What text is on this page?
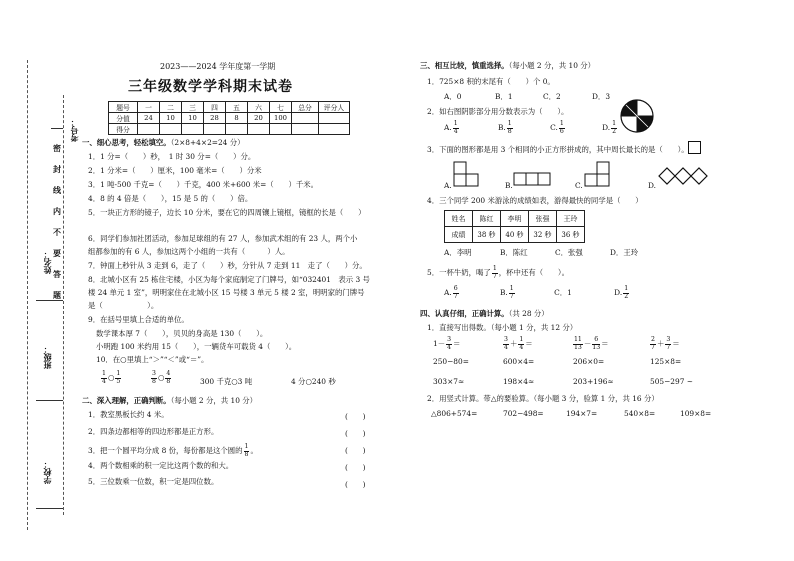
考号：
姓名：
班级：
学校：
密
封
线
内
不
要
答
题
2023——2024 学年度第一学期
三年级数学学科期末试卷
题号	一	二	三	四	五	六	七	总分	评分人
分值	24	10	10	28	8	20	100		
得分									
一、细心思考，轻松填空。（2×8+4×2=24 分）
1．1 分=（　　）秒，　1 时 30 分=（　　）分。
2．1 分米=（　　）厘米，100 毫米=（　　）分米
3．1 吨-500 千克=（　　）千克，400 米+600 米=（　　）千米。
4．8 的 4 倍是（　　），15 是 5 的（　　）倍。
5．一块正方形的镜子，边长 10 分米，要在它的四周镶上镜框，镜框的长是（　　）
6．同学们参加社团活动，参加足球组的有 27 人，参加武术组的有 23 人，两个小
组都参加的有 6 人，参加这两个小组的一共有（　　　）人。
7．钟面上秒针从 3 走到 6，走了（　　）秒，分针从 7 走到 11　走了（　　）分。
8．北城小区有 25 栋住宅楼，小区为每个家庭制定了门牌号，如“032401　表示 3 号
楼 24 单元 1 室”，明明家住在北城小区 15 号楼 3 单元 5 楼 2 室，明明家的门牌号
是（　　　　　　）。
9．在括号里填上合适的单位。
数学课本厚 7（　　），贝贝的身高是 130（　　）。
小明跑 100 米约用 15（　　），一辆货车可载货 4（　　）。
10．在○里填上“＞”“＜”或“＝”。
$\frac{1}{4}$ ○ $\frac{1}{5}$	$\frac{3}{8}$ ○ $\frac{4}{8}$	300 千克○3 吨	4 分○240 秒
二、深入理解，正确判断。（每小题 2 分，共 10 分）
1．教室黑板长约 4 米。
2．四条边都相等的四边形都是正方形。
3．把一个圆平均分成 8 份，每份都是这个圆的 $\frac{1}{8}$ 。
4．两个数相乘的积一定比这两个数的和大。
5．三位数乘一位数，积一定是四位数。
(　　)
(　　)
(　　)
(　　)
(　　)
三、相互比较，慎重选择。（每小题 2 分，共 10 分）
1．725×8 积的末尾有（　　）个 0。
A．0	B．1	C．2	D．3
2．如右图阴影部分用分数表示为（　　）。
A. $\frac{1}{4}$	B. $\frac{1}{8}$	C. $\frac{1}{6}$	D. $\frac{1}{2}$
3．下面的图形都是用 3 个相同的小正方形拼成的，其中周长最长的是（　　）。
A.	B.	C.	D.
4．三个同学 200 米游泳的成绩如表，游得最快的同学是（　　）
姓名	陈红	李明	张强	王玲
成绩	38 秒	40 秒	32 秒	36 秒
A．李明	B．陈红	C．张强	D．王玲
5．一杯牛奶，喝了 $\frac{1}{7}$ ，杯中还有（　　）。
A. $\frac{6}{7}$	B. $\frac{1}{7}$	C．1	D. $\frac{1}{2}$
四、认真仔细，正确计算。（共 28 分）
1．直接写出得数。（每小题 1 分，共 12 分）
$1- \frac{3}{4}$ ＝	$\frac{3}{4} + \frac{1}{4}$ ＝	$\frac{11}{13} - \frac{6}{13}$ ＝	$\frac{2}{7} + \frac{3}{7}$ ＝
250−80=	600×4=	206×0=	125×8=
303×7≈	198×4≈	203+196≈	505−297 ~
2．用竖式计算。带△的要验算。（每小题 3 分，验算 1 分，共 16 分）
△806+574=	702−498=	194×7=	540×8=	109×8=
